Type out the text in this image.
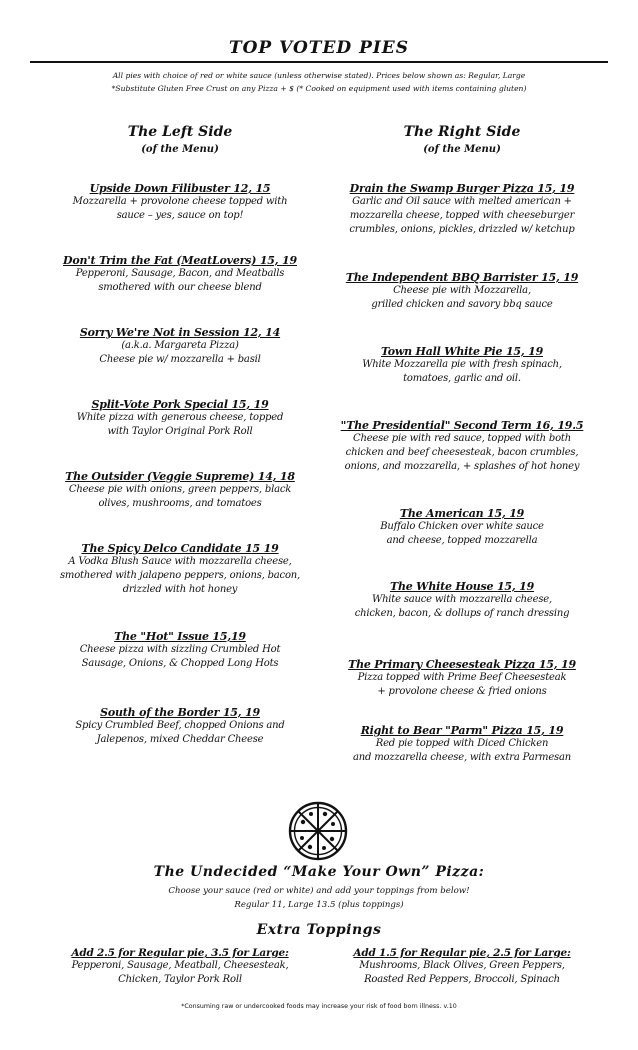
TOP VOTED PIES
All pies with choice of red or white sauce (unless otherwise stated). Prices below shown as: Regular, Large
*Substitute Gluten Free Crust on any Pizza + $ (* Cooked on equipment used with items containing gluten)
The Left Side
(of the Menu)
The Right Side
(of the Menu)
Upside Down Filibuster 12, 15
Mozzarella + provolone cheese topped with
sauce – yes, sauce on top!
Don't Trim the Fat (MeatLovers) 15, 19
Pepperoni, Sausage, Bacon, and Meatballs
smothered with our cheese blend
Sorry We're Not in Session 12, 14
(a.k.a. Margareta Pizza)
Cheese pie w/ mozzarella + basil
Split-Vote Pork Special 15, 19
White pizza with generous cheese, topped
with Taylor Original Pork Roll
The Outsider (Veggie Supreme) 14, 18
Cheese pie with onions, green peppers, black
olives, mushrooms, and tomatoes
The Spicy Delco Candidate 15 19
A Vodka Blush Sauce with mozzarella cheese,
smothered with jalapeno peppers, onions, bacon,
drizzled with hot honey
The "Hot" Issue 15,19
Cheese pizza with sizzling Crumbled Hot
Sausage, Onions, & Chopped Long Hots
South of the Border 15, 19
Spicy Crumbled Beef, chopped Onions and
Jalepenos, mixed Cheddar Cheese
Drain the Swamp Burger Pizza 15, 19
Garlic and Oil sauce with melted american +
mozzarella cheese, topped with cheeseburger
crumbles, onions, pickles, drizzled w/ ketchup
The Independent BBQ Barrister 15, 19
Cheese pie with Mozzarella,
grilled chicken and savory bbq sauce
Town Hall White Pie 15, 19
White Mozzarella pie with fresh spinach,
tomatoes, garlic and oil.
"The Presidential" Second Term 16, 19.5
Cheese pie with red sauce, topped with both
chicken and beef cheesesteak, bacon crumbles,
onions, and mozzarella, + splashes of hot honey
The American 15, 19
Buffalo Chicken over white sauce
and cheese, topped mozzarella
The White House 15, 19
White sauce with mozzarella cheese,
chicken, bacon, & dollups of ranch dressing
The Primary Cheesesteak Pizza 15, 19
Pizza topped with Prime Beef Cheesesteak
+ provolone cheese & fried onions
Right to Bear "Parm" Pizza 15, 19
Red pie topped with Diced Chicken
and mozzarella cheese, with extra Parmesan
The Undecided “Make Your Own” Pizza:
Choose your sauce (red or white) and add your toppings from below!
Regular 11, Large 13.5 (plus toppings)
Extra Toppings
Add 2.5 for Regular pie, 3.5 for Large:
Pepperoni, Sausage, Meatball, Cheesesteak,
Chicken, Taylor Pork Roll
Add 1.5 for Regular pie, 2.5 for Large:
Mushrooms, Black Olives, Green Peppers,
Roasted Red Peppers, Broccoli, Spinach
*Consuming raw or undercooked foods may increase your risk of food born illness. v.10
